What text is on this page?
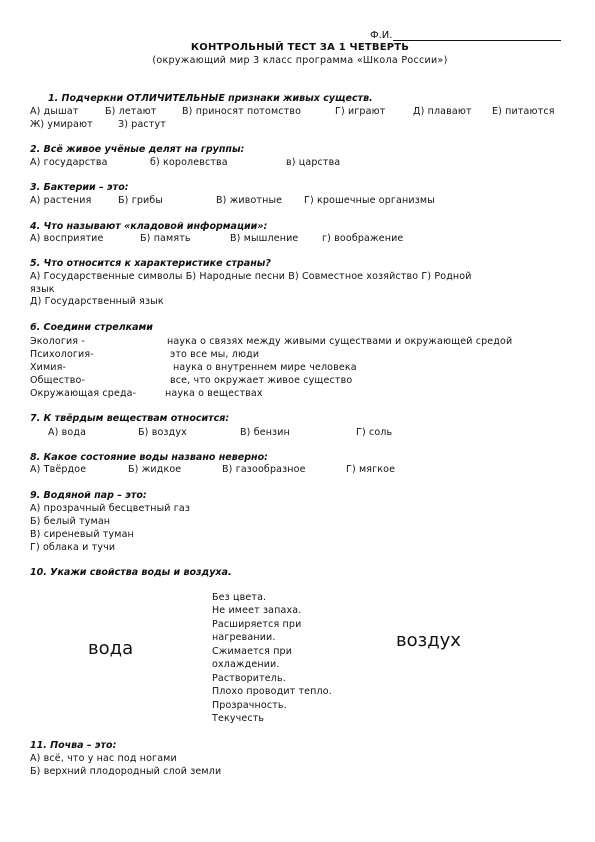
Ф.И.
КОНТРОЛЬНЫЙ ТЕСТ ЗА 1 ЧЕТВЕРТЬ
(окружающий мир 3 класс программа «Школа России»)
1. Подчеркни ОТЛИЧИТЕЛЬНЫЕ признаки живых существ.
А) дышат	Б) летают	В) приносят потомство	Г) играют	Д) плавают Е) питаются
Ж) умирают	З) растут
2. Всё живое учёные делят на группы:
А) государства	б) королевства	в) царства
3. Бактерии – это:
А) растения	Б) грибы	В) животные Г) крошечные организмы
4. Что называют «кладовой информации»:
А) восприятие	Б) память	В) мышление г) воображение
5. Что относится к характеристике страны?
А) Государственные символы Б) Народные песни В) Совместное хозяйство Г) Родной
язык
Д) Государственный язык
6. Соедини стрелками
Экология -	наука о связях между живыми существами и окружающей средой
Психология-	это все мы, люди
Химия-	наука о внутреннем мире человека
Общество-	все, что окружает живое существо
Окружающая среда-	наука о веществах
7. К твёрдым веществам относится:
А) вода	Б) воздух	В) бензин	Г) соль
8. Какое состояние воды названо неверно:
А) Твёрдое	Б) жидкое	В) газообразное	Г) мягкое
9. Водяной пар – это:
А) прозрачный бесцветный газ
Б) белый туман
В) сиреневый туман
Г) облака и тучи
10. Укажи свойства воды и воздуха.
вода	воздух
Без цвета.
Не имеет запаха.
Расширяется при
нагревании.
Сжимается при
охлаждении.
Растворитель.
Плохо проводит тепло.
Прозрачность.
Текучесть
11. Почва – это:
А) всё, что у нас под ногами
Б) верхний плодородный слой земли
